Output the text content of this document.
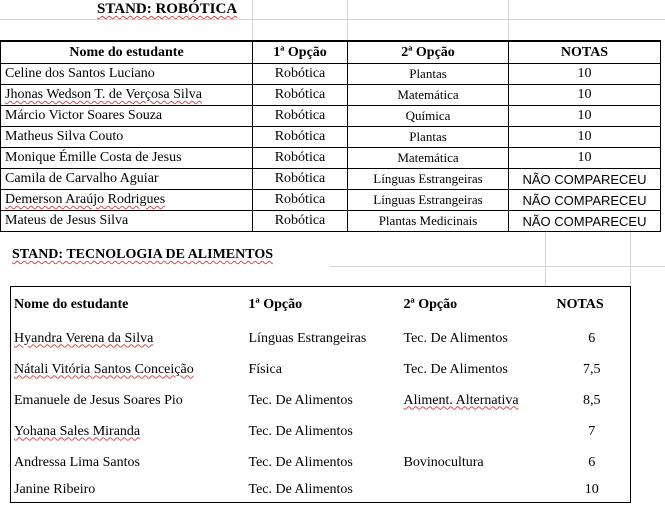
STAND: ROBÓTICA
Nome do estudante	1ª Opção	2ª Opção	NOTAS
Celine dos Santos Luciano	Robótica	Plantas	10
Jhonas Wedson T. de Verçosa Silva	Robótica	Matemática	10
Márcio Victor Soares Souza	Robótica	Química	10
Matheus Silva Couto	Robótica	Plantas	10
Monique Émille Costa de Jesus	Robótica	Matemática	10
Camila de Carvalho Aguiar	Robótica	Línguas Estrangeiras	NÃO COMPARECEU
Demerson Araújo Rodrigues	Robótica	Línguas Estrangeiras	NÃO COMPARECEU
Mateus de Jesus Silva	Robótica	Plantas Medicinais	NÃO COMPARECEU
STAND: TECNOLOGIA DE ALIMENTOS
Nome do estudante	1ª Opção	2ª Opção	NOTAS
Hyandra Verena da Silva	Línguas Estrangeiras	Tec. De Alimentos	6
Nátali Vitória Santos Conceição	Física	Tec. De Alimentos	7,5
Emanuele de Jesus Soares Pio	Tec. De Alimentos	Aliment. Alternativa	8,5
Yohana Sales Miranda	Tec. De Alimentos		7
Andressa Lima Santos	Tec. De Alimentos	Bovinocultura	6
Janine Ribeiro	Tec. De Alimentos		10
